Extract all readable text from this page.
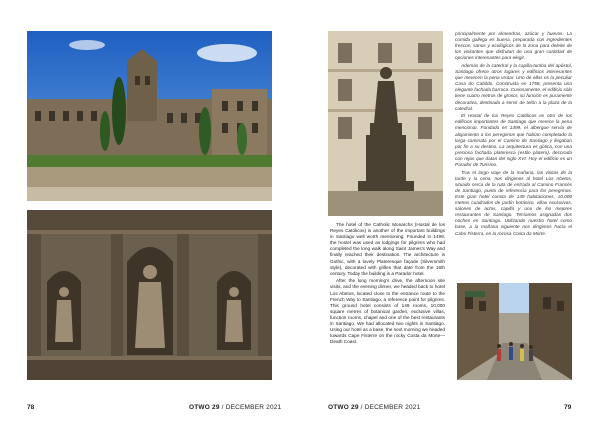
78	OTWO 29 / DECEMBER 2021

The hotel of the Catholic Monarchs (Hostal de los Reyes Católicos) is another of the important buildings in Santiago well worth mentioning. Founded in 1499, the hostel was used as lodgings for pilgrims who had completed the long walk along Saint James's Way and finally reached their destination. The architecture is Gothic, with a lovely Plateresque façade (Silversmith style), decorated with grilles that date from the 16th century. Today the building is a Parador hotel.

After the long morning's drive, the afternoon site visits, and the evening dinner, we headed back to hotel Los Abetos, located close to the entrance route to the French Way to Santiago, a reference point for pilgrims. This ground hotel consists of 149 rooms, 10,000 square metres of botanical garden, exclusive villas, function rooms, chapel and one of the best restaurants in Santiago. We had allocated two nights in Santiago. Using our hotel as a base, the next morning we headed towards Cape Fisterre on the rocky Costa da Morte—Death Coast.

principalmente por almendras, azúcar y huevos. La comida gallega es buena, preparada con ingredientes frescos, sanos y ecológicos de la zona para deleite de los visitantes que disfrutan de una gran cantidad de opciones interesantes para elegir.

Además de la catedral y la capilla-tumba del apóstol, Santiago ofrece otros lugares y edificios interesantes que merecen la pena visitar. Uno de ellos es la peculiar Casa do Cabildo. Construida en 1758, presenta una elegante fachada barroca. Curiosamente, el edificio sólo tiene cuatro metros de grosor, su función es puramente decorativa, destinada a servir de telón a la plaza de la catedral.

El Hostal de los Reyes Católicos es otro de los edificios importantes de Santiago que merece la pena mencionar. Fundado en 1499, el albergue servía de alojamiento a los peregrinos que habían completado la larga caminata por el Camino de Santiago y llegaban por fin a su destino. La arquitectura es gótica, con una preciosa fachada plateresca (estilo platero), decorada con rejas que datan del siglo XVI. Hoy el edificio es un Parador de Turismo.

Tras el largo viaje de la mañana, las visitas de la tarde y la cena, nos dirigimos al hotel Los Abetos, situado cerca de la ruta de entrada al Camino Francés de Santiago, punto de referencia para los peregrinos. Este gran hotel consta de 149 habitaciones, 10.000 metros cuadrados de jardín botánico, villas exclusivas, salones de actos, capilla y uno de los mejores restaurantes de Santiago. Teníamos asignadas dos noches en Santiago. Utilizando nuestro hotel como base, a la mañana siguiente nos dirigimos hacia el Cabo Fisterra, en la rocosa Costa da Morte.

OTWO 29 / DECEMBER 2021	79
